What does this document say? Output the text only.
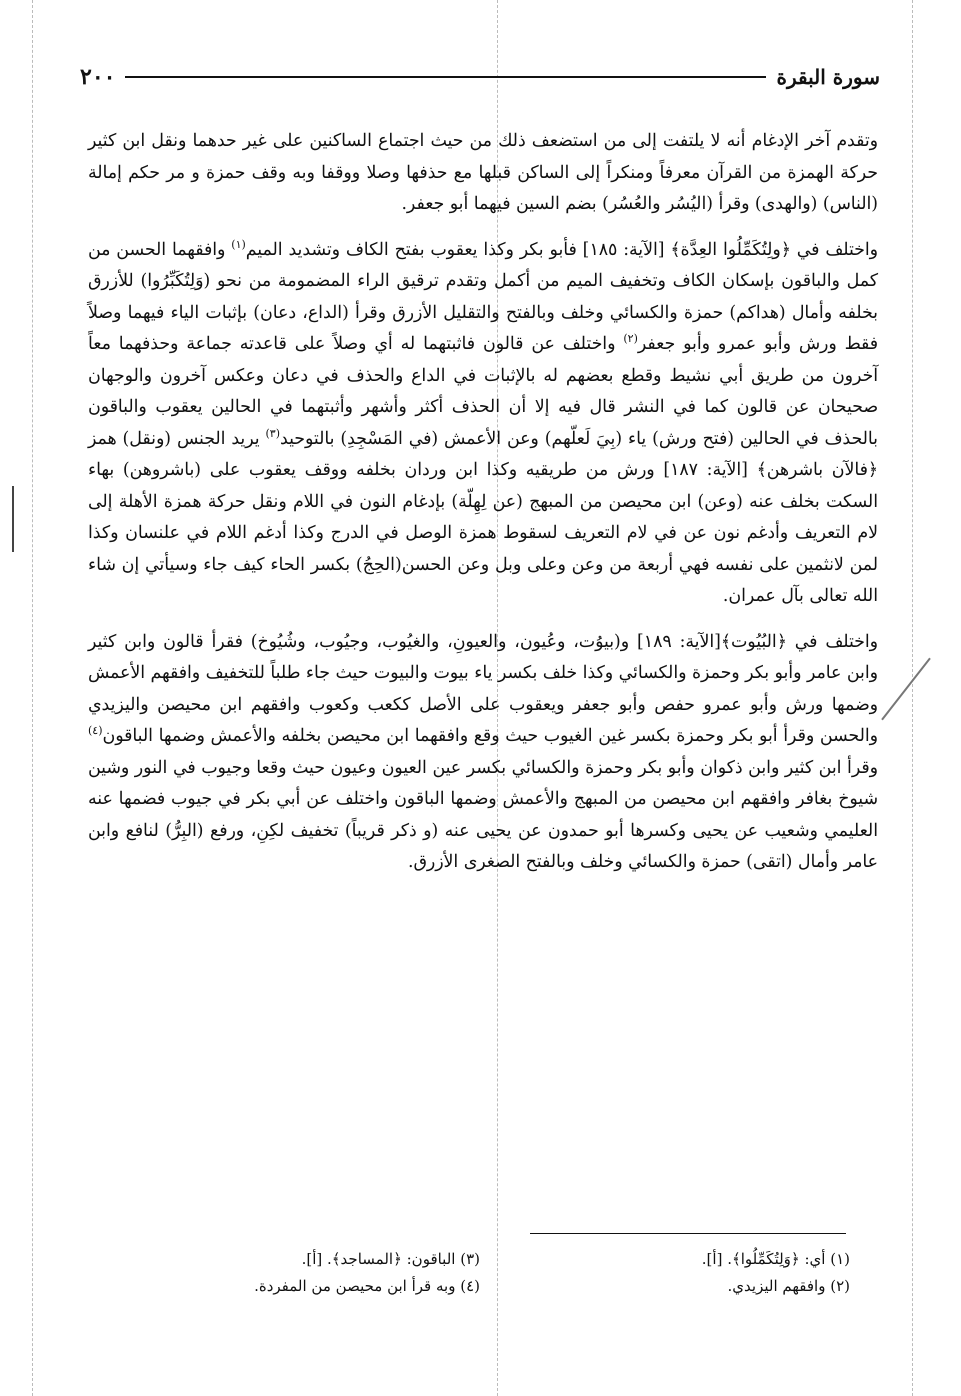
سورة البقرة
٢٠٠

وتقدم آخر الإدغام أنه لا يلتفت إلى من استضعف ذلك من حيث اجتماع الساكنين على غير حدهما ونقل ابن كثير حركة الهمزة من القرآن معرفاً ومنكراً إلى الساكن قبلها مع حذفها وصلا ووقفا وبه وقف حمزة و مر حكم إمالة (الناس) (والهدى) وقرأ (اليُسُر والعُسُر) بضم السين فيهما أبو جعفر.

واختلف في ﴿ولِتُكَمِّلُوا العِدَّة﴾ [الآية: ١٨٥] فأبو بكر وكذا يعقوب بفتح الكاف وتشديد الميم$^{(١)}$ وافقهما الحسن من كمل والباقون بإسكان الكاف وتخفيف الميم من أكمل وتقدم ترقيق الراء المضمومة من نحو (وَلِتُكَبِّرُوا) للأزرق بخلفه وأمال (هداكم) حمزة والكسائي وخلف وبالفتح والتقليل الأزرق وقرأ (الداع، دعان) بإثبات الياء فيهما وصلاً فقط ورش وأبو عمرو وأبو جعفر$^{(٢)}$ واختلف عن قالون فاثبتهما له أي وصلاً على قاعدته جماعة وحذفهما معاً آخرون من طريق أبي نشيط وقطع بعضهم له بالإثبات في الداع والحذف في دعان وعكس آخرون والوجهان صحيحان عن قالون كما في النشر قال فيه إلا أن الحذف أكثر وأشهر وأثبتهما في الحالين يعقوب والباقون بالحذف في الحالين (فتح ورش) ياء (بِيَ لَعلّهم) وعن الأعمش (في المَسْجِدِ) بالتوحيد$^{(٣)}$ يريد الجنس (ونقل) همز ﴿فالآن باشرهن﴾ [الآية: ١٨٧] ورش من طريقيه وكذا ابن وردان بخلفه ووقف يعقوب على (باشروهن) بهاء السكت بخلف عنه (وعن) ابن محيصن من المبهج (عن لِهِلّة) بإدغام النون في اللام ونقل حركة همزة الأهلة إلى لام التعريف وأدغم نون عن في لام التعريف لسقوط همزة الوصل في الدرج وكذا أدغم اللام في علنسان وكذا لمن لانثمين على نفسه فهي أربعة من وعن وعلى وبل وعن الحسن(الحِجُ) بكسر الحاء كيف جاء وسيأتي إن شاء الله تعالى بآل عمران.

واختلف في ﴿البُيُوت﴾[الآية: ١٨٩] و(بيوُت، وعُيون، والعيونِ، والغيُوب، وجيُوب، وشُيُوخ) فقرأ قالون وابن كثير وابن عامر وأبو بكر وحمزة والكسائي وكذا خلف بكسر ياء بيوت والبيوت حيث جاء طلباً للتخفيف وافقهم الأعمش وضمها ورش وأبو عمرو حفص وأبو جعفر ويعقوب على الأصل ككعب وكعوب وافقهم ابن محيصن واليزيدي والحسن وقرأ أبو بكر وحمزة بكسر غين الغيوب حيث وقع وافقهما ابن محيصن بخلفه والأعمش وضمها الباقون$^{(٤)}$ وقرأ ابن كثير وابن ذكوان وأبو بكر وحمزة والكسائي بكسر عين العيون وعيون حيث وقعا وجيوب في النور وشين شيوخ بغافر وافقهم ابن محيصن من المبهج والأعمش وضمها الباقون واختلف عن أبي بكر في جيوب فضمها عنه العليمي وشعيب عن يحيى وكسرها أبو حمدون عن يحيى عنه (و ذكر قريباً) تخفيف لكِنِ، ورفع (البِرُّ) لنافع وابن عامر وأمال (اتقى) حمزة والكسائي وخلف وبالفتح الصغرى الأزرق.

(١) أي: ﴿وَلِتُكَمِّلُوا﴾. [أ].
(٣) الباقون: ﴿المساجد﴾. [أ].
(٢) وافقهم اليزيدي.
(٤) وبه قرأ ابن محيصن من المفردة.
